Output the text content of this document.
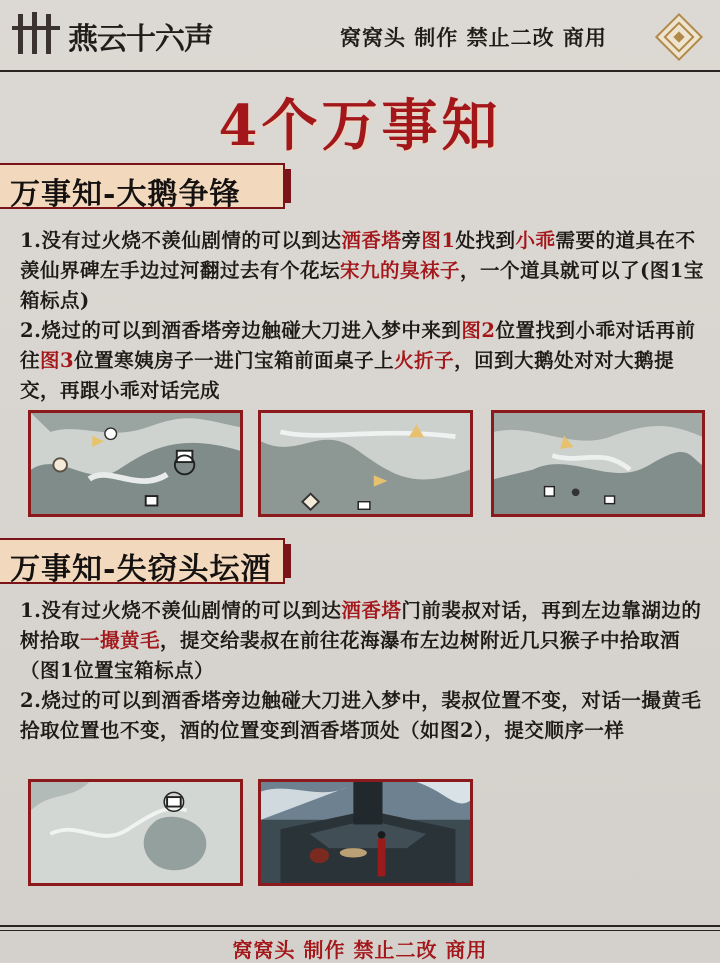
燕云十六声	窝窝头 制作 禁止二改 商用
4个万事知
万事知-大鹅争锋
1.没有过火烧不羡仙剧情的可以到达酒香塔旁图1处找到小乖需要的道具在不羡仙界碑左手边过河翻过去有个花坛宋九的臭袜子，一个道具就可以了(图1宝箱标点)
2.烧过的可以到酒香塔旁边触碰大刀进入梦中来到图2位置找到小乖对话再前往图3位置寒姨房子一进门宝箱前面桌子上火折子，回到大鹅处对对大鹅提交，再跟小乖对话完成
万事知-失窃头坛酒
1.没有过火烧不羡仙剧情的可以到达酒香塔门前裴叔对话，再到左边靠湖边的树拾取一撮黄毛，提交给裴叔在前往花海瀑布左边树附近几只猴子中拾取酒（图1位置宝箱标点）
2.烧过的可以到酒香塔旁边触碰大刀进入梦中，裴叔位置不变，对话一撮黄毛拾取位置也不变，酒的位置变到酒香塔顶处（如图2），提交顺序一样
窝窝头 制作 禁止二改 商用
